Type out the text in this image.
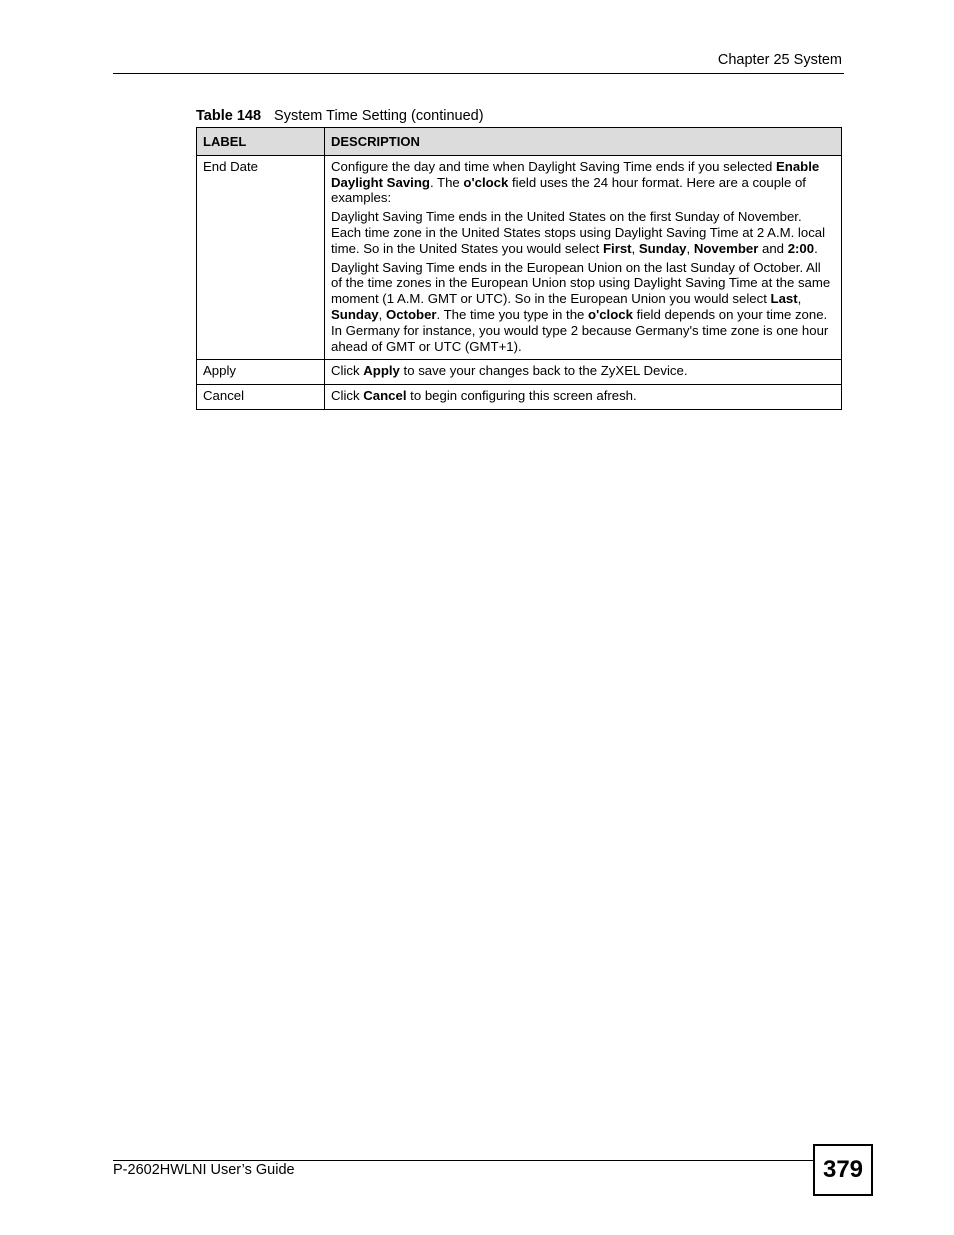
Chapter 25 System
Table 148 System Time Setting (continued)
LABEL	DESCRIPTION
End Date	Configure the day and time when Daylight Saving Time ends if you selected Enable Daylight Saving. The o'clock field uses the 24 hour format. Here are a couple of examples:

Daylight Saving Time ends in the United States on the first Sunday of November. Each time zone in the United States stops using Daylight Saving Time at 2 A.M. local time. So in the United States you would select First, Sunday, November and 2:00.

Daylight Saving Time ends in the European Union on the last Sunday of October. All of the time zones in the European Union stop using Daylight Saving Time at the same moment (1 A.M. GMT or UTC). So in the European Union you would select Last, Sunday, October. The time you type in the o'clock field depends on your time zone. In Germany for instance, you would type 2 because Germany's time zone is one hour ahead of GMT or UTC (GMT+1).

Apply	Click Apply to save your changes back to the ZyXEL Device.
Cancel	Click Cancel to begin configuring this screen afresh.
P-2602HWLNI User’s Guide	379
